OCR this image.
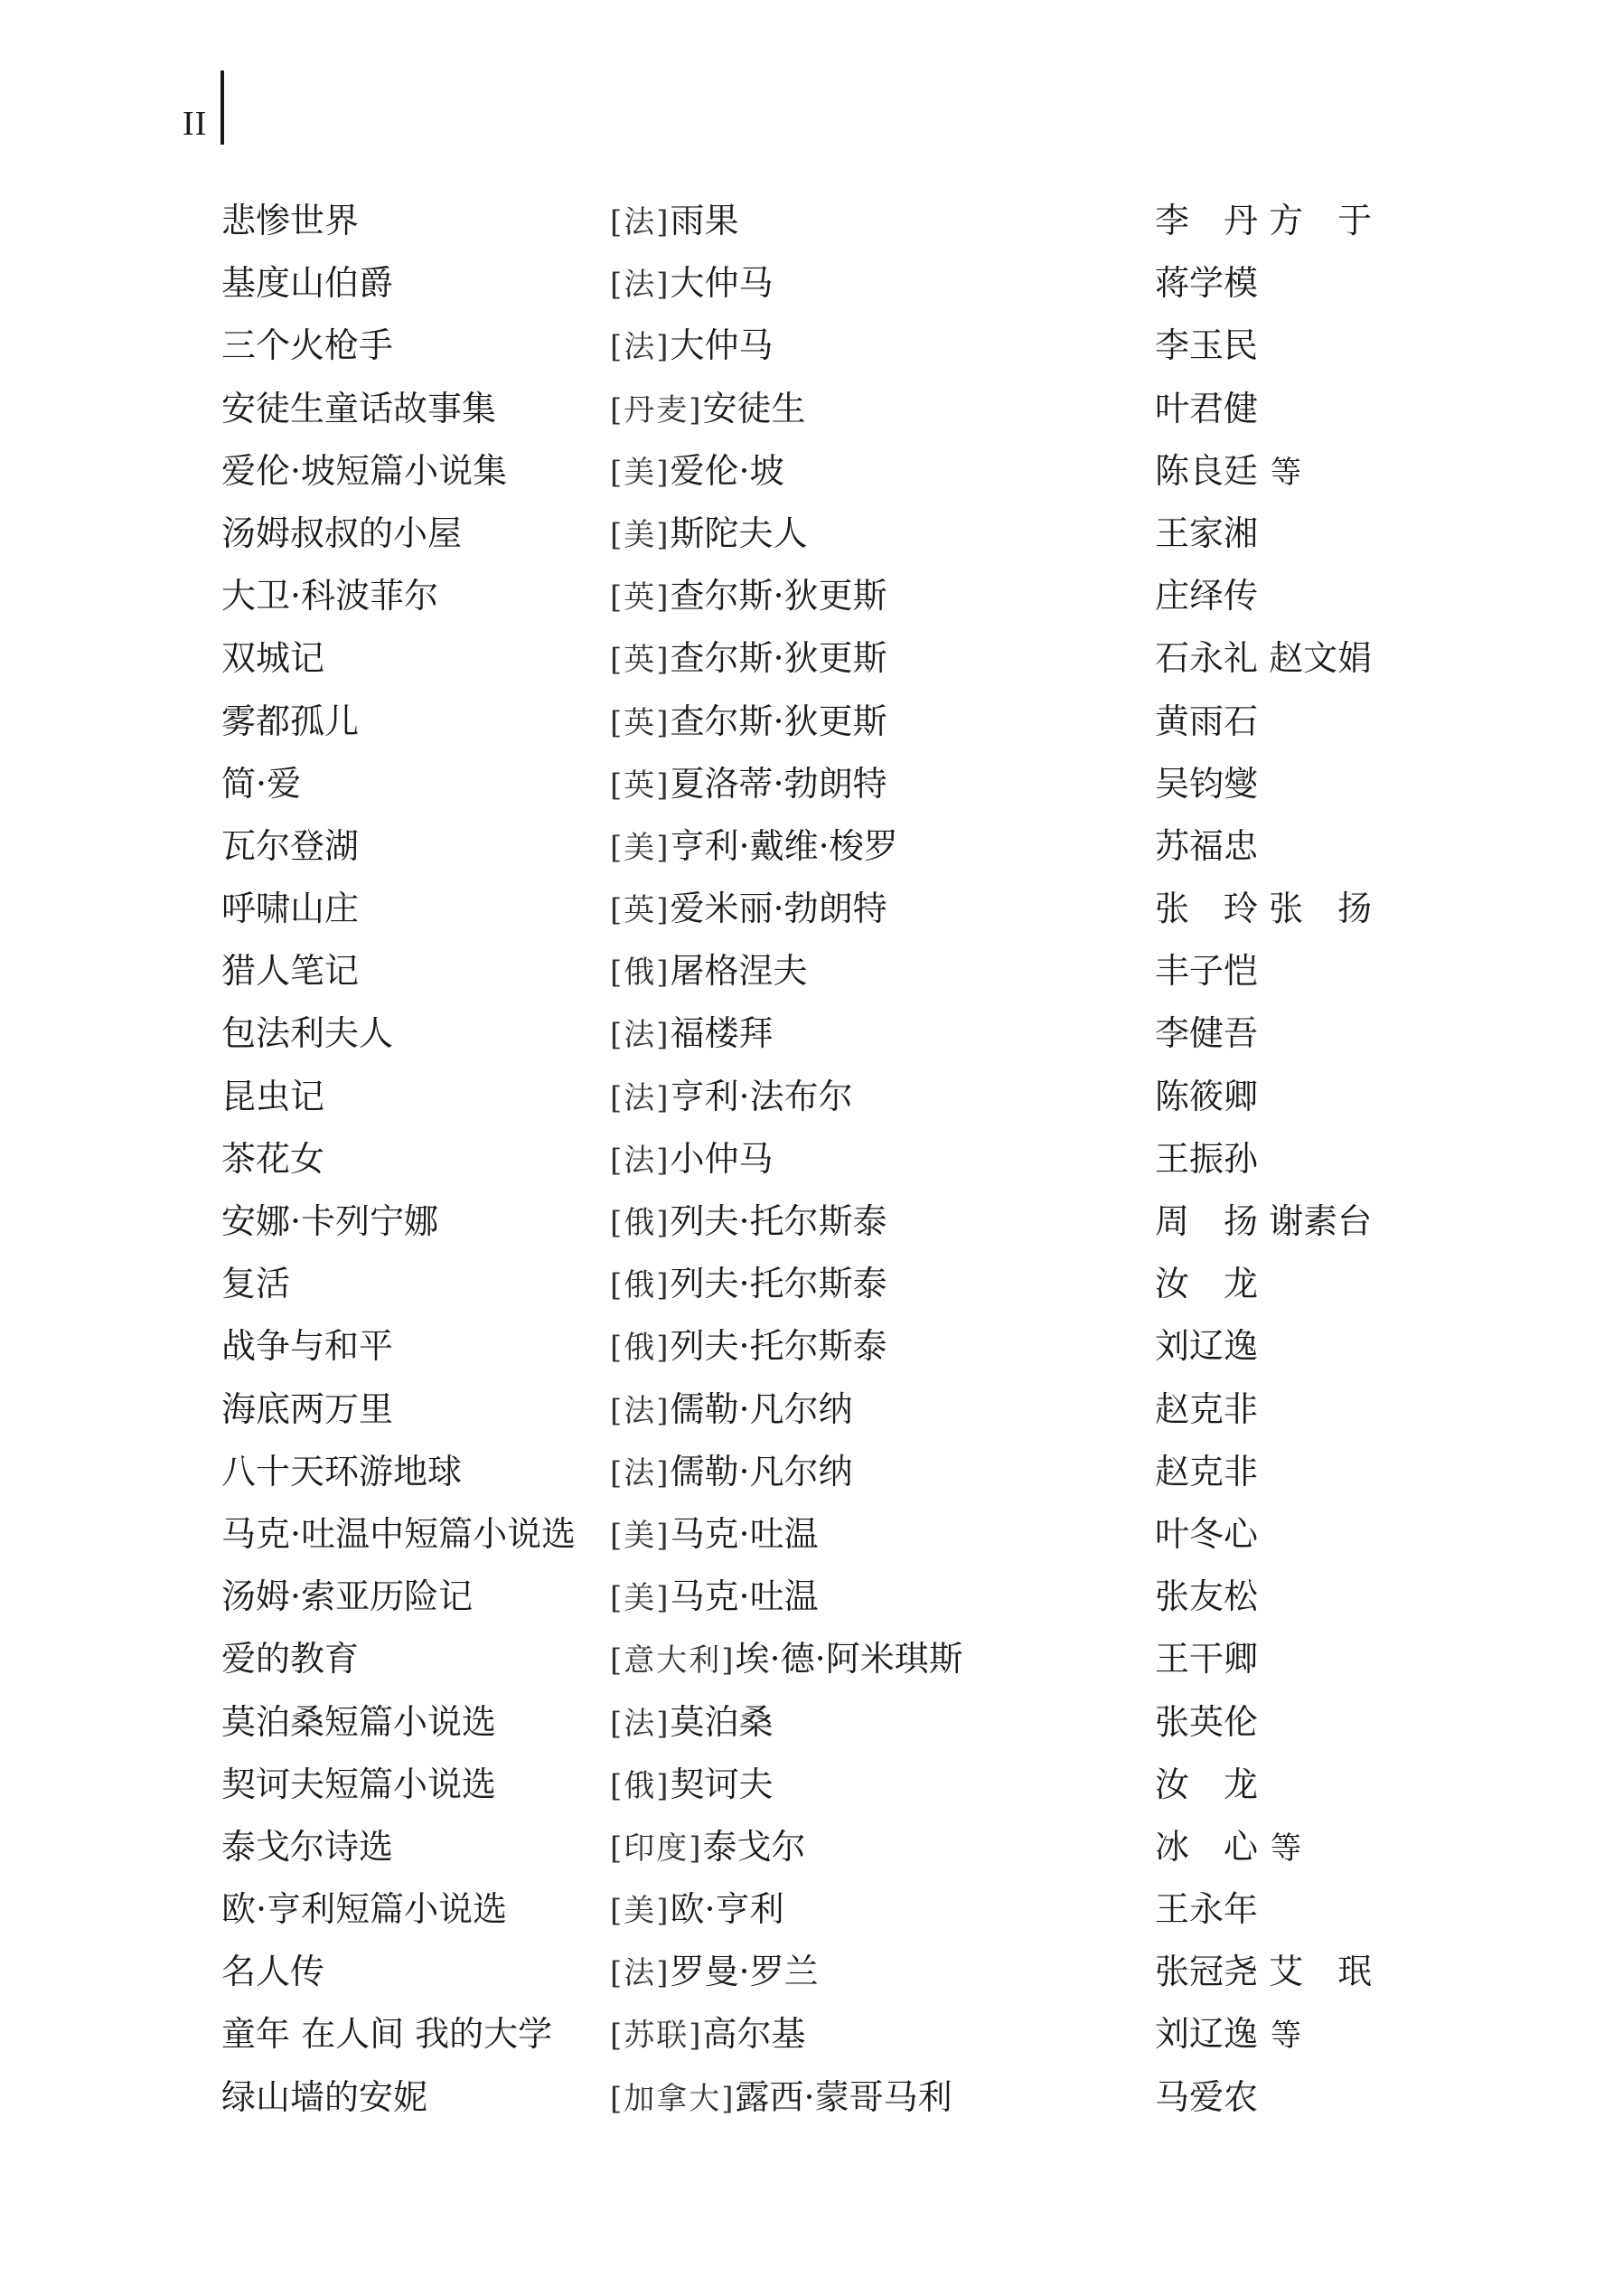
II
悲惨世界	[法]雨果	李　丹 方　于
基度山伯爵	[法]大仲马	蒋学模
三个火枪手	[法]大仲马	李玉民
安徒生童话故事集	[丹麦]安徒生	叶君健
爱伦·坡短篇小说集	[美]爱伦·坡	陈良廷 等
汤姆叔叔的小屋	[美]斯陀夫人	王家湘
大卫·科波菲尔	[英]查尔斯·狄更斯	庄绎传
双城记	[英]查尔斯·狄更斯	石永礼 赵文娟
雾都孤儿	[英]查尔斯·狄更斯	黄雨石
简·爱	[英]夏洛蒂·勃朗特	吴钧燮
瓦尔登湖	[美]亨利·戴维·梭罗	苏福忠
呼啸山庄	[英]爱米丽·勃朗特	张　玲 张　扬
猎人笔记	[俄]屠格涅夫	丰子恺
包法利夫人	[法]福楼拜	李健吾
昆虫记	[法]亨利·法布尔	陈筱卿
茶花女	[法]小仲马	王振孙
安娜·卡列宁娜	[俄]列夫·托尔斯泰	周　扬 谢素台
复活	[俄]列夫·托尔斯泰	汝　龙
战争与和平	[俄]列夫·托尔斯泰	刘辽逸
海底两万里	[法]儒勒·凡尔纳	赵克非
八十天环游地球	[法]儒勒·凡尔纳	赵克非
马克·吐温中短篇小说选 [美]马克·吐温	叶冬心
汤姆·索亚历险记	[美]马克·吐温	张友松
爱的教育	[意大利]埃·德·阿米琪斯	王干卿
莫泊桑短篇小说选	[法]莫泊桑	张英伦
契诃夫短篇小说选	[俄]契诃夫	汝　龙
泰戈尔诗选	[印度]泰戈尔	冰　心 等
欧·亨利短篇小说选	[美]欧·亨利	王永年
名人传	[法]罗曼·罗兰	张冠尧 艾　珉
童年 在人间 我的大学 [苏联]高尔基	刘辽逸 等
绿山墙的安妮	[加拿大]露西·蒙哥马利	马爱农
